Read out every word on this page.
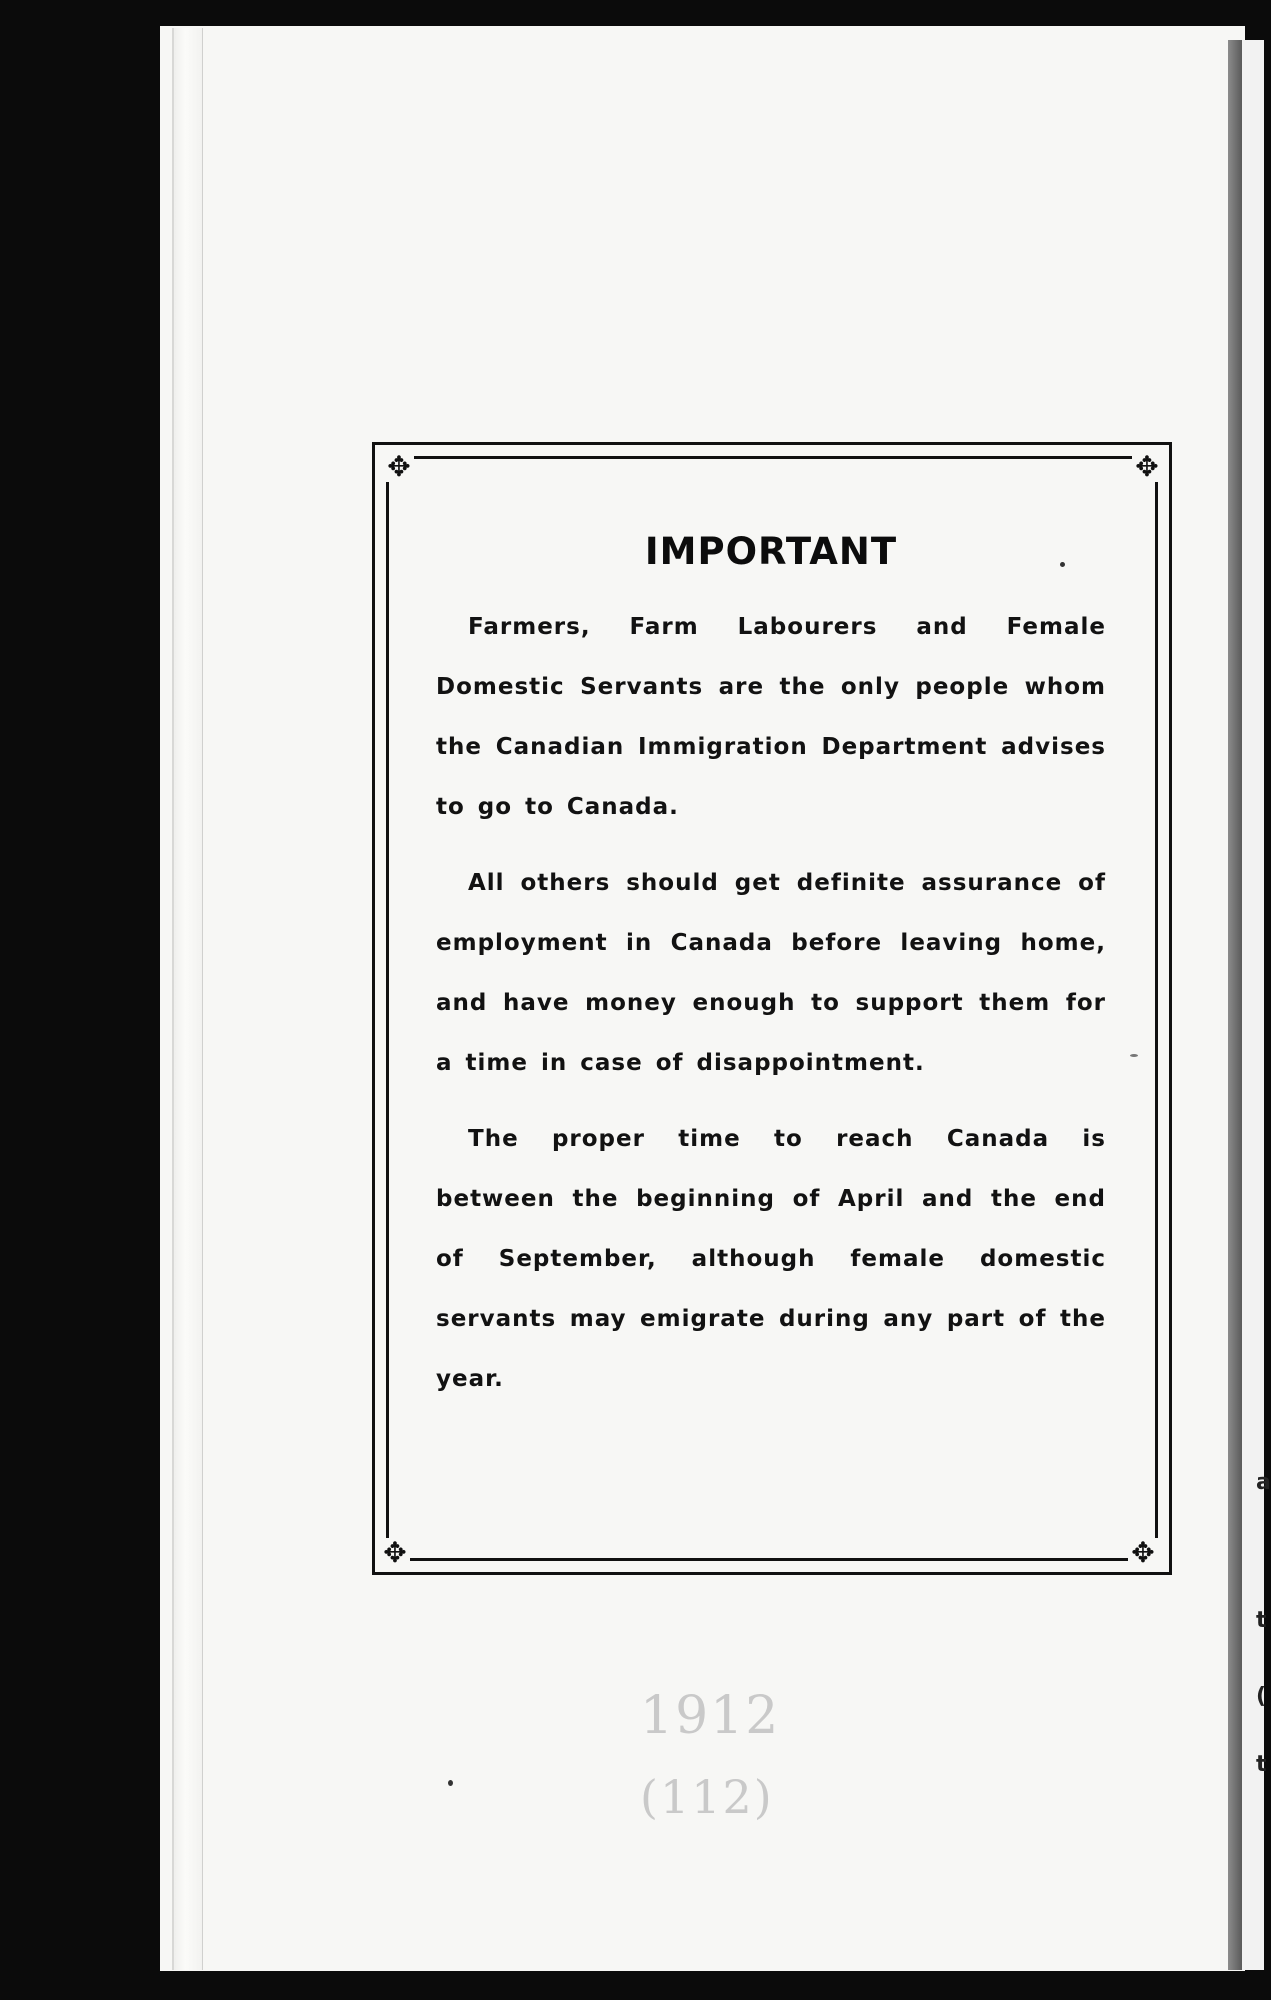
a
t
(
t
✥	✥
✥	✥
IMPORTANT

Farmers, Farm Labourers and Female Domestic Servants are the only people whom the Canadian Immigration Department advises to go to Canada.

All others should get definite assurance of employment in Canada before leaving home, and have money enough to support them for a time in case of disappointment.

The proper time to reach Canada is between the beginning of April and the end of September, although female domestic servants may emigrate during any part of the year.

1912
(112)
